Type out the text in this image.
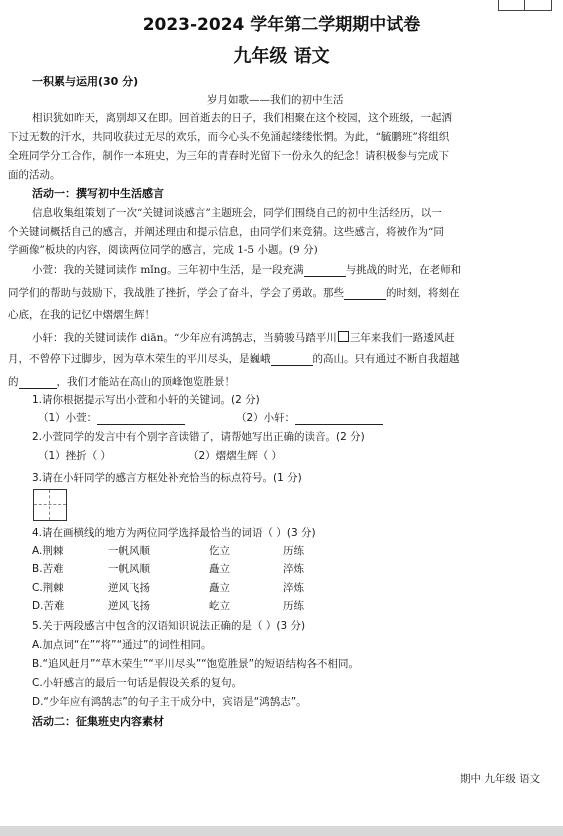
2023-2024 学年第二学期期中试卷
九年级 语文
一积累与运用(30 分)
岁月如歌——我们的初中生活
相识犹如昨天，离别却又在即。回首逝去的日子，我们相聚在这个校园，这个班级，一起洒
下过无数的汗水，共同收获过无尽的欢乐，而今心头不免涌起缕缕怅惘。为此，“毓鹏班”将组织
全班同学分工合作，制作一本班史，为三年的青春时光留下一份永久的纪念！请积极参与完成下
面的活动。
活动一：撰写初中生活感言
信息收集组策划了一次“关键词谈感言”主题班会，同学们围绕自己的初中生活经历，以一
个关键词概括自己的感言，并阐述理由和提示信息，由同学们来竞猜。这些感言，将被作为“同
学画像”板块的内容，阅读两位同学的感言，完成 1-5 小题。(9 分)
小萱：我的关键词读作 mǐng。三年初中生活，是一段充满	与挑战的时光，在老师和
同学们的帮助与鼓励下，我战胜了挫折，学会了奋斗，学会了勇敢。那些	的时刻，将刻在
心底，在我的记忆中熠熠生辉！
小轩：我的关键词读作 diān。“少年应有鸿鹄志，当骑骏马踏平川 三年来我们一路逶风赶
月，不曾停下过脚步，因为草木荣生的平川尽头，是巍峨	的高山。只有通过不断自我超越
的	，我们才能站在高山的顶峰饱览胜景！
1.请你根据提示写出小萱和小轩的关键词。(2 分)
（1）小萱：	（2）小轩：
2.小萱同学的发言中有个别字音读错了，请帮她写出正确的读音。(2 分)
（1）挫折（ ）	（2）熠熠生辉（ ）
3.请在小轩同学的感言方框处补充恰当的标点符号。(1 分)
4.请在画横线的地方为两位同学选择最恰当的词语（ ）(3 分)
A.荆棘	一帆风顺	仡立	历练
B.苦难	一帆风顺	矗立	淬炼
C.荆棘	逆风飞扬	矗立	淬炼
D.苦难	逆风飞扬	屹立	历练
5.关于两段感言中包含的汉语知识说法正确的是（ ）(3 分)
A.加点词“在”“将”“通过”的词性相同。
B.“追风赶月”“草木荣生”“平川尽头”“饱览胜景”的短语结构各不相同。
C.小轩感言的最后一句话是假设关系的复句。
D.“少年应有鸿鹄志”的句子主干成分中，宾语是“鸿鹄志”。
活动二：征集班史内容素材
期中 九年级 语文
